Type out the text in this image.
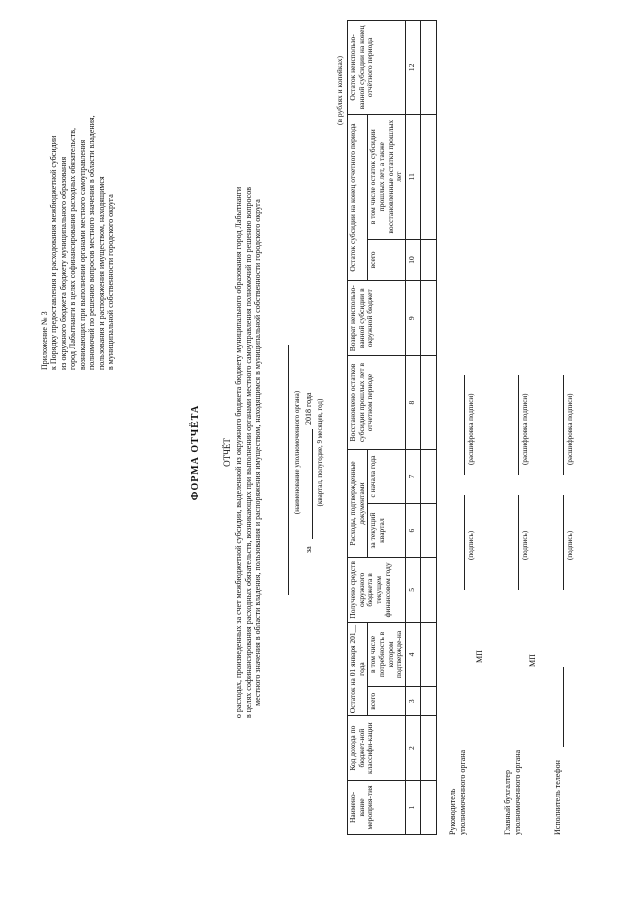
Приложение № 3 к Порядку предоставления и расходования межбюджетной субсидии из окружного бюджета бюджету муниципального образования город Лабытнанги в целях софинансирования расходных обязательств, возникающих при выполнении органами местного самоуправления полномочий по решению вопросов местного значения в области владения, пользования и распоряжения имуществом, находящимся в муниципальной собственности городского округа
ФОРМА ОТЧЁТА ОТЧЁТ о расходах, произведенных за счет межбюджетной субсидии, выделенной из окружного бюджета бюджету муниципального образования город Лабытнанги в целях софинансирования расходных обязательств, возникающих при выполнении органами местного самоуправления полномочий по решению вопросов местного значения в области владения, пользования и распоряжения имуществом, находящимся в муниципальной собственности городского округа	(наименование уполномоченного органа)
за
2018 года (квартал, полугодие, 9 месяцев, год)
(в рублях и копейках)
Наимено-вание мероприя-тия	Код дохода по бюджет-ной классифи-кации	Остаток на 01 января 201__ года		Получено средств окружного бюджета в текущем финансовом году	Расходы, подтвержденные документами		Восстановлено остатков субсидии прошлых лет в отчетном периоде	Возврат неиспользо-ванной субсидии в окружной бюджет	Остаток субсидии на конец отчетного периода		Остаток неиспользо-ванной субсидии на конец отчётного периода
		всего	в том числе потребность в котором подтвержде-на		за текущий квартал	с начала года			всего	в том числе остаток субсидии прошлых лет, а также восстановленные остатки прошлых лет	
1	2	3	4	5	6	7	8	9	10	11	12

Руководитель уполномоченного органа
(подпись)
(расшифровка подписи)
МП
Главный бухгалтер уполномоченного органа
(подпись)
(расшифровка подписи)
МП
Исполнитель телефон
(подпись)
(расшифровка подписи)
